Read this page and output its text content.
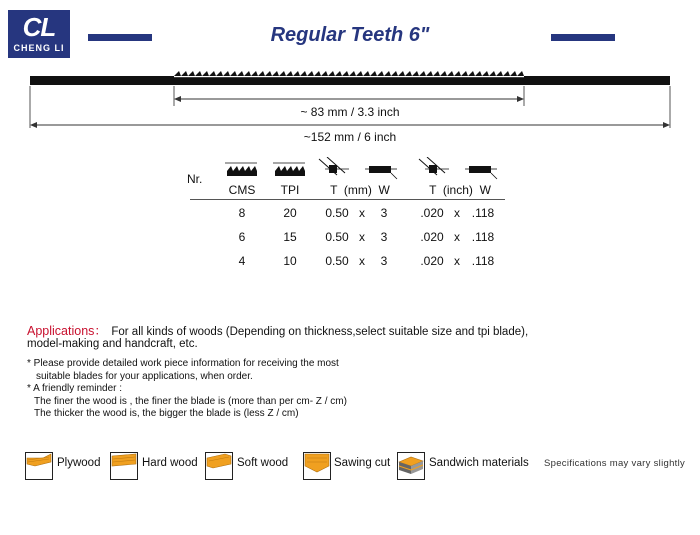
CL
CHENG LI
Regular Teeth 6"
~ 83 mm / 3.3 inch
~152 mm / 6 inch
Nr.
CMS	TPI	T  (mm)  W	T  (inch)  W
8	20	0.50 x	3	.020 x .118
6	15	0.50 x	3	.020 x .118
4	10	0.50 x	3	.020 x .118
Applications： For all kinds of woods (Depending on thickness,select suitable size and tpi blade),
model-making and handcraft, etc.
* Please provide detailed work piece information for receiving the most
suitable blades for your applications, when order.
* A friendly reminder :
The finer the wood is , the finer the blade is (more than per cm- Z / cm)
The thicker the wood is, the bigger the blade is (less Z / cm)
Plywood	Hard wood	Soft wood	Sawing cut	Sandwich materials Specifications may vary slightly
